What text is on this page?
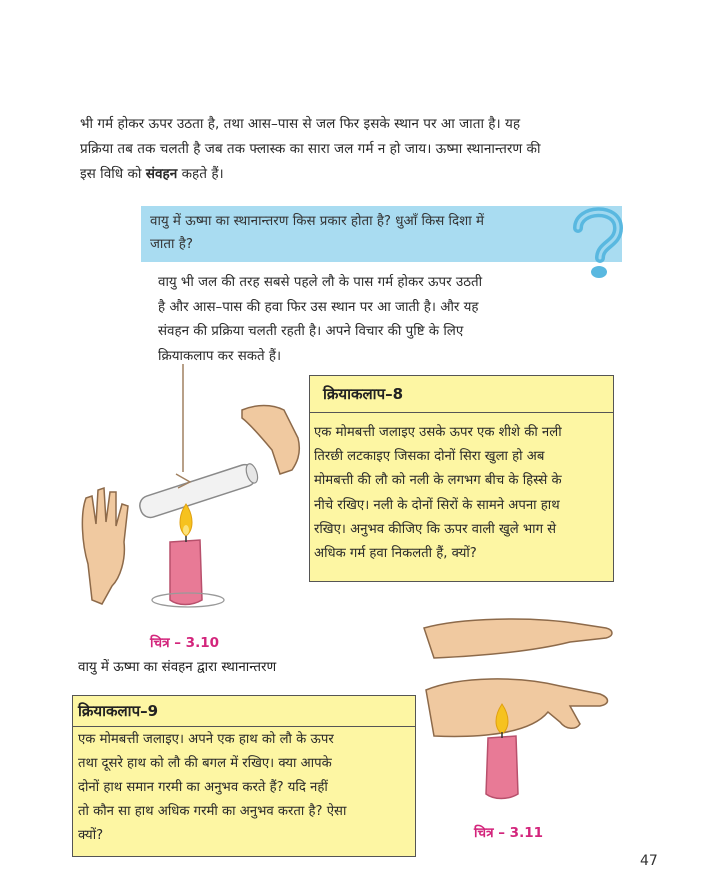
भी गर्म होकर ऊपर उठता है, तथा आस–पास से जल फिर इसके स्थान पर आ जाता है। यह
प्रक्रिया तब तक चलती है जब तक फ्लास्क का सारा जल गर्म न हो जाय। ऊष्मा स्थानान्तरण की
इस विधि को संवहन कहते हैं।
वायु में ऊष्मा का स्थानान्तरण किस प्रकार होता है? धुआँ किस दिशा में
जाता है?
वायु भी जल की तरह सबसे पहले लौ के पास गर्म होकर ऊपर उठती
है और आस–पास की हवा फिर उस स्थान पर आ जाती है। और यह
संवहन की प्रक्रिया चलती रहती है। अपने विचार की पुष्टि के लिए
क्रियाकलाप कर सकते हैं।
क्रियाकलाप–8
एक मोमबत्ती जलाइए उसके ऊपर एक शीशे की नली
तिरछी लटकाइए जिसका दोनों सिरा खुला हो अब
मोमबत्ती की लौ को नली के लगभग बीच के हिस्से के
नीचे रखिए। नली के दोनों सिरों के सामने अपना हाथ
रखिए। अनुभव कीजिए कि ऊपर वाली खुले भाग से
अधिक गर्म हवा निकलती हैं, क्यों?
चित्र – 3.10
वायु में ऊष्मा का संवहन द्वारा स्थानान्तरण
चित्र – 3.11
क्रियाकलाप–9
एक मोमबत्ती जलाइए। अपने एक हाथ को लौ के ऊपर
तथा दूसरे हाथ को लौ की बगल में रखिए। क्या आपके
दोनों हाथ समान गरमी का अनुभव करते हैं? यदि नहीं
तो कौन सा हाथ अधिक गरमी का अनुभव करता है? ऐसा
क्यों?
47
